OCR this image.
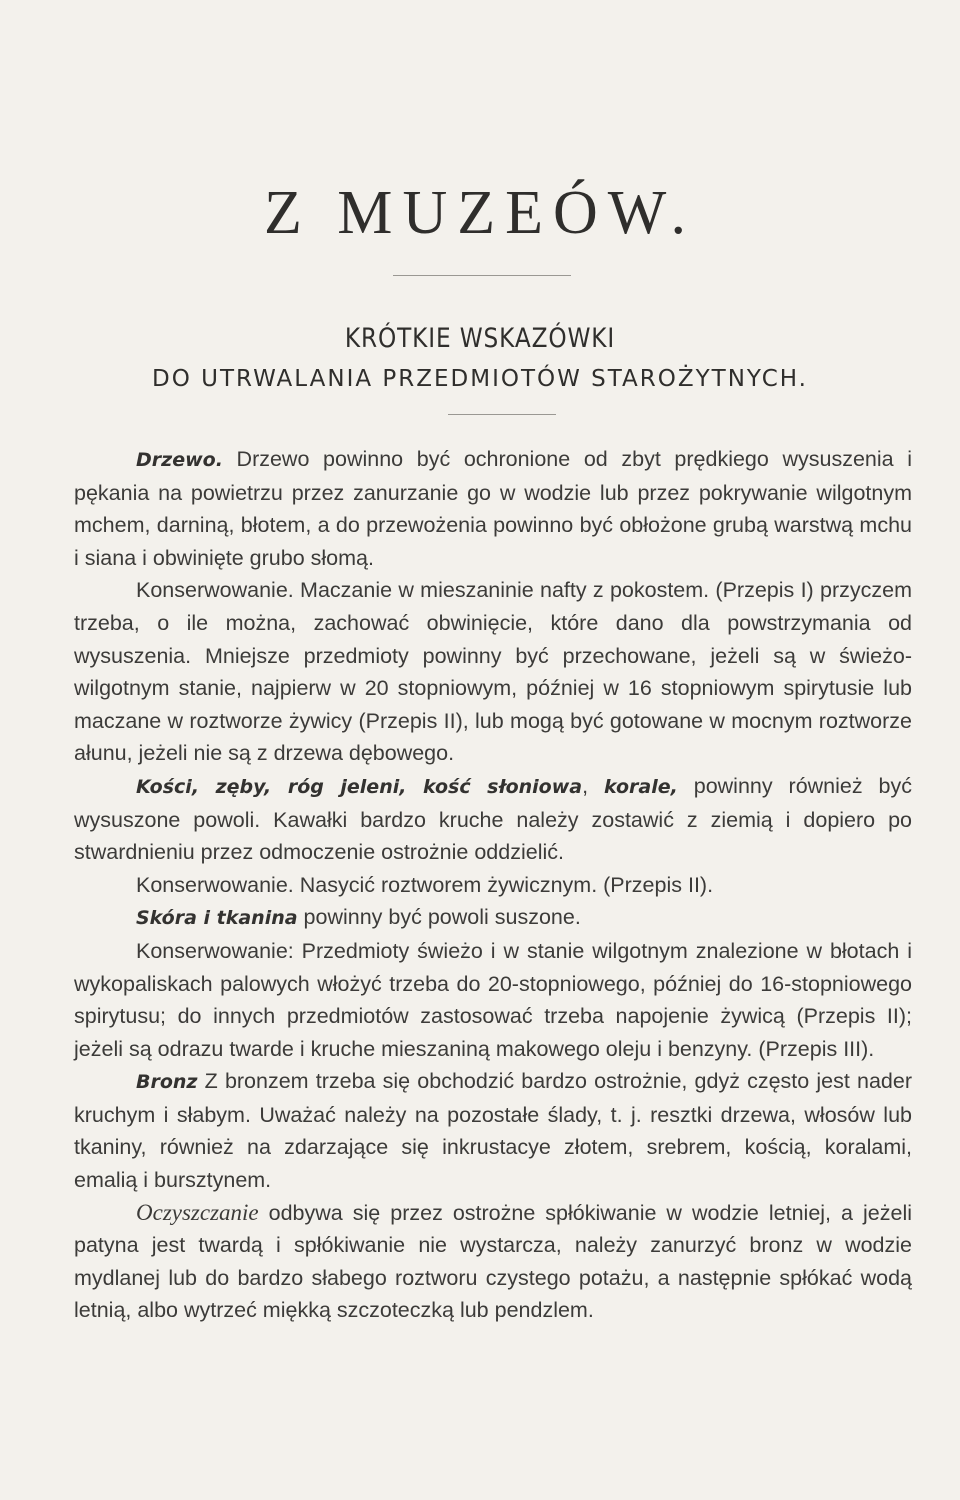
Z MUZEÓW.
KRÓTKIE WSKAZÓWKI
DO UTRWALANIA PRZEDMIOTÓW STAROŻYTNYCH.

Drzewo. Drzewo powinno być ochronione od zbyt prędkiego wysuszenia i pękania na powietrzu przez zanurzanie go w wodzie lub przez pokrywanie wilgotnym mchem, darniną, błotem, a do przewożenia powinno być obłożone grubą warstwą mchu i siana i obwinięte grubo słomą.

Konserwowanie. Maczanie w mieszaninie nafty z pokostem. (Przepis I) przyczem trzeba, o ile można, zachować obwinięcie, które dano dla powstrzymania od wysuszenia. Mniejsze przedmioty powinny być przechowane, jeżeli są w świeżo-wilgotnym stanie, najpierw w 20 stopniowym, później w 16 stopniowym spirytusie lub maczane w roztworze żywicy (Przepis II), lub mogą być gotowane w mocnym roztworze ałunu, jeżeli nie są z drzewa dębowego.

Kości, zęby, róg jeleni, kość słoniowa, korale, powinny również być wysuszone powoli. Kawałki bardzo kruche należy zostawić z ziemią i dopiero po stwardnieniu przez odmoczenie ostrożnie oddzielić.

Konserwowanie. Nasycić roztworem żywicznym. (Przepis II).

Skóra i tkanina powinny być powoli suszone.

Konserwowanie: Przedmioty świeżo i w stanie wilgotnym znalezione w błotach i wykopaliskach palowych włożyć trzeba do 20-stopniowego, później do 16-stopniowego spirytusu; do innych przedmiotów zastosować trzeba napojenie żywicą (Przepis II); jeżeli są odrazu twarde i kruche mieszaniną makowego oleju i benzyny. (Przepis III).

Bronz Z bronzem trzeba się obchodzić bardzo ostrożnie, gdyż często jest nader kruchym i słabym. Uważać należy na pozostałe ślady, t. j. resztki drzewa, włosów lub tkaniny, również na zdarzające się inkrustacye złotem, srebrem, kością, koralami, emalią i bursztynem.

Oczyszczanie odbywa się przez ostrożne spłókiwanie w wodzie letniej, a jeżeli patyna jest twardą i spłókiwanie nie wystarcza, należy zanurzyć bronz w wodzie mydlanej lub do bardzo słabego roztworu czystego potażu, a następnie spłókać wodą letnią, albo wytrzeć miękką szczoteczką lub pendzlem.
